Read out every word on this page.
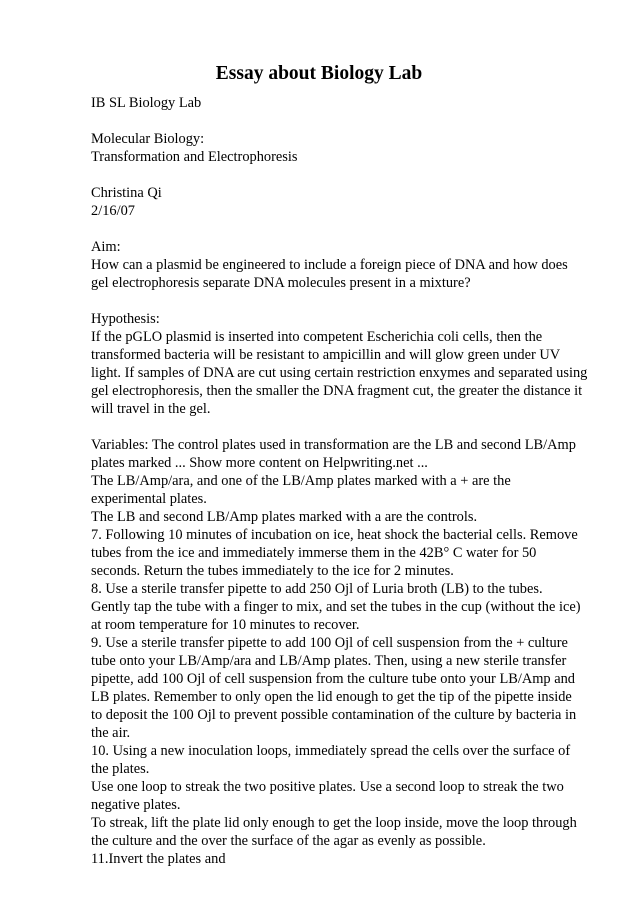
Essay about Biology Lab
IB SL Biology Lab
Molecular Biology:
Transformation and Electrophoresis
Christina Qi
2/16/07
Aim:
How can a plasmid be engineered to include a foreign piece of DNA and how does
gel electrophoresis separate DNA molecules present in a mixture?
Hypothesis:
If the pGLO plasmid is inserted into competent Escherichia coli cells, then the
transformed bacteria will be resistant to ampicillin and will glow green under UV
light. If samples of DNA are cut using certain restriction enxymes and separated using
gel electrophoresis, then the smaller the DNA fragment cut, the greater the distance it
will travel in the gel.
Variables: The control plates used in transformation are the LB and second LB/Amp
plates marked ... Show more content on Helpwriting.net ...
The LB/Amp/ara, and one of the LB/Amp plates marked with a + are the
experimental plates.
The LB and second LB/Amp plates marked with a are the controls.
7. Following 10 minutes of incubation on ice, heat shock the bacterial cells. Remove
tubes from the ice and immediately immerse them in the 42B° C water for 50
seconds. Return the tubes immediately to the ice for 2 minutes.
8. Use a sterile transfer pipette to add 250 Ojl of Luria broth (LB) to the tubes.
Gently tap the tube with a finger to mix, and set the tubes in the cup (without the ice)
at room temperature for 10 minutes to recover.
9. Use a sterile transfer pipette to add 100 Ojl of cell suspension from the + culture
tube onto your LB/Amp/ara and LB/Amp plates. Then, using a new sterile transfer
pipette, add 100 Ojl of cell suspension from the culture tube onto your LB/Amp and
LB plates. Remember to only open the lid enough to get the tip of the pipette inside
to deposit the 100 Ojl to prevent possible contamination of the culture by bacteria in
the air.
10. Using a new inoculation loops, immediately spread the cells over the surface of
the plates.
Use one loop to streak the two positive plates. Use a second loop to streak the two
negative plates.
To streak, lift the plate lid only enough to get the loop inside, move the loop through
the culture and the over the surface of the agar as evenly as possible.
11.Invert the plates and
